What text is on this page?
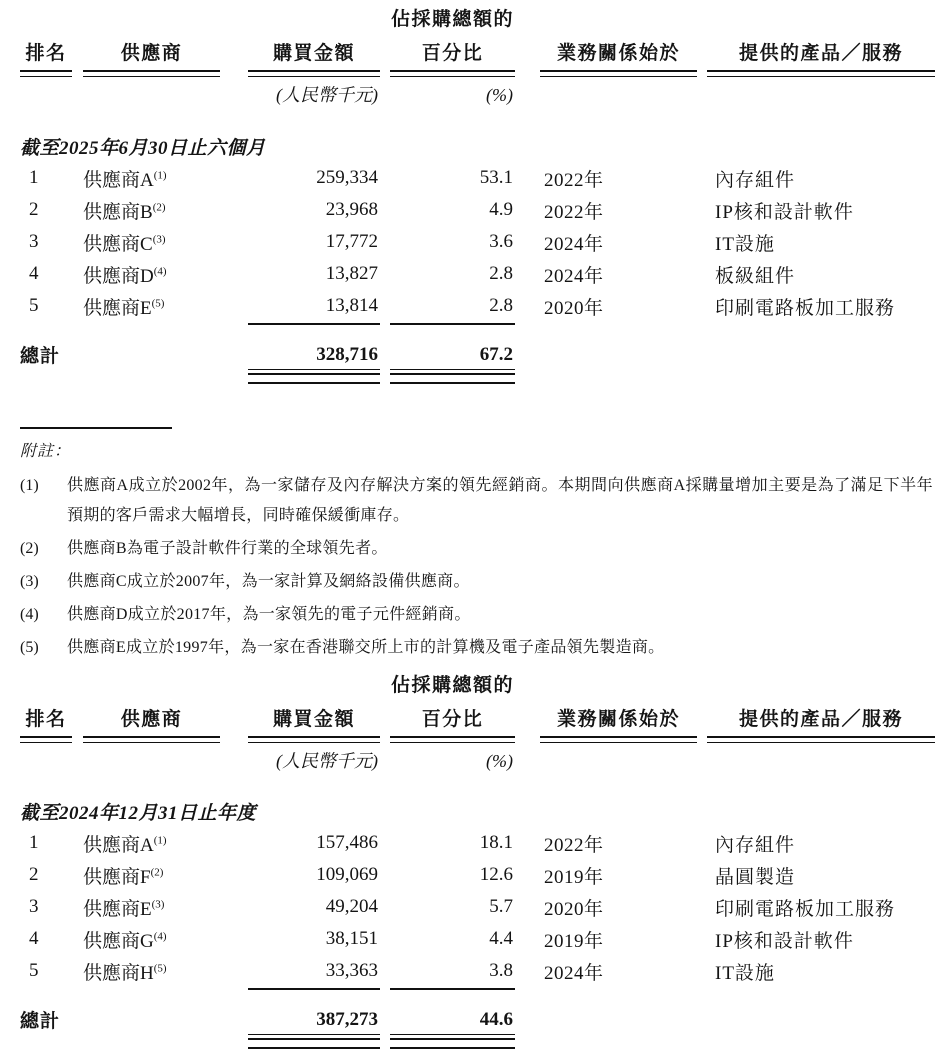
排名	供應商	購買金額
佔採購總額的
百分比	業務關係始於	提供的產品／服務
(人民幣千元)	(%)
截至2025年6月30日止六個月
1	供應商A$^{(1)}$	259,334	53.1 2022年	內存組件
2	供應商B$^{(2)}$	23,968	4.9 2022年	IP核和設計軟件
3	供應商C$^{(3)}$	17,772	3.6 2024年	IT設施
4	供應商D$^{(4)}$	13,827	2.8 2024年	板級組件
5	供應商E$^{(5)}$	13,814	2.8 2020年	印刷電路板加工服務
總計	328,716	67.2
附註：
(1)	供應商A成立於2002年，為一家儲存及內存解決方案的領先經銷商。本期間向供應商A採購量增加主要是為了滿足下半年預期的客戶需求大幅增長，同時確保緩衝庫存。
(2)	供應商B為電子設計軟件行業的全球領先者。
(3)	供應商C成立於2007年，為一家計算及網絡設備供應商。
(4)	供應商D成立於2017年，為一家領先的電子元件經銷商。
(5)	供應商E成立於1997年，為一家在香港聯交所上市的計算機及電子產品領先製造商。
排名	供應商	購買金額
佔採購總額的
百分比	業務關係始於	提供的產品／服務
(人民幣千元)	(%)
截至2024年12月31日止年度
1	供應商A$^{(1)}$	157,486	18.1 2022年	內存組件
2	供應商F$^{(2)}$	109,069	12.6 2019年	晶圓製造
3	供應商E$^{(3)}$	49,204	5.7 2020年	印刷電路板加工服務
4	供應商G$^{(4)}$	38,151	4.4 2019年	IP核和設計軟件
5	供應商H$^{(5)}$	33,363	3.8 2024年	IT設施
總計	387,273	44.6
